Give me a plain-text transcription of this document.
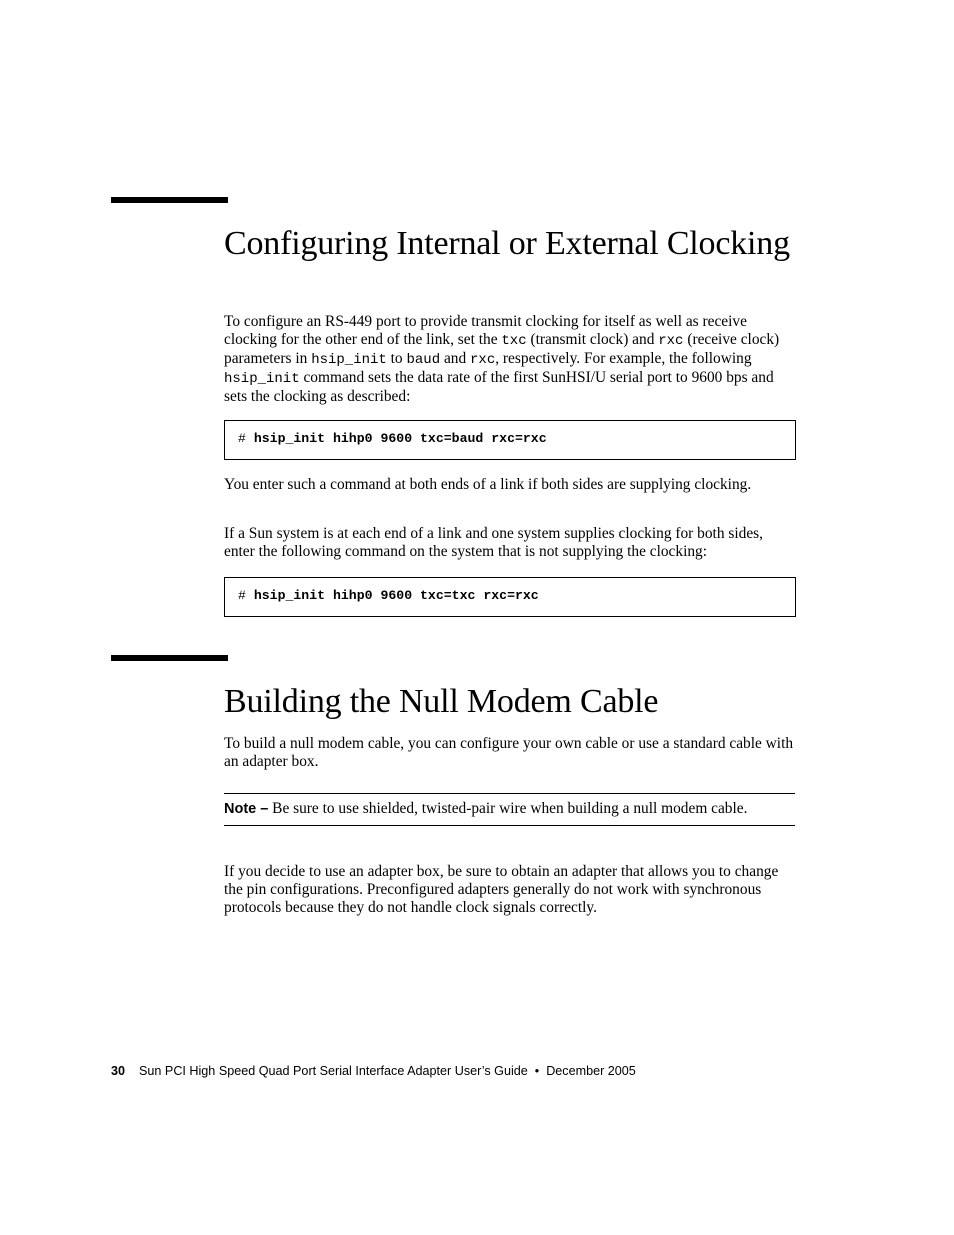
Configuring Internal or External Clocking

To configure an RS-449 port to provide transmit clocking for itself as well as receive clocking for the other end of the link, set the txc (transmit clock) and rxc (receive clock) parameters in hsip_init to baud and rxc, respectively. For example, the following hsip_init command sets the data rate of the first SunHSI/U serial port to 9600 bps and sets the clocking as described:

# hsip_init hihp0 9600 txc=baud rxc=rxc

You enter such a command at both ends of a link if both sides are supplying clocking.

If a Sun system is at each end of a link and one system supplies clocking for both sides, enter the following command on the system that is not supplying the clocking:

# hsip_init hihp0 9600 txc=txc rxc=rxc
Building the Null Modem Cable

To build a null modem cable, you can configure your own cable or use a standard cable with an adapter box.

Note – Be sure to use shielded, twisted-pair wire when building a null modem cable.

If you decide to use an adapter box, be sure to obtain an adapter that allows you to change the pin configurations. Preconfigured adapters generally do not work with synchronous protocols because they do not handle clock signals correctly.

30 Sun PCI High Speed Quad Port Serial Interface Adapter User’s Guide • December 2005
